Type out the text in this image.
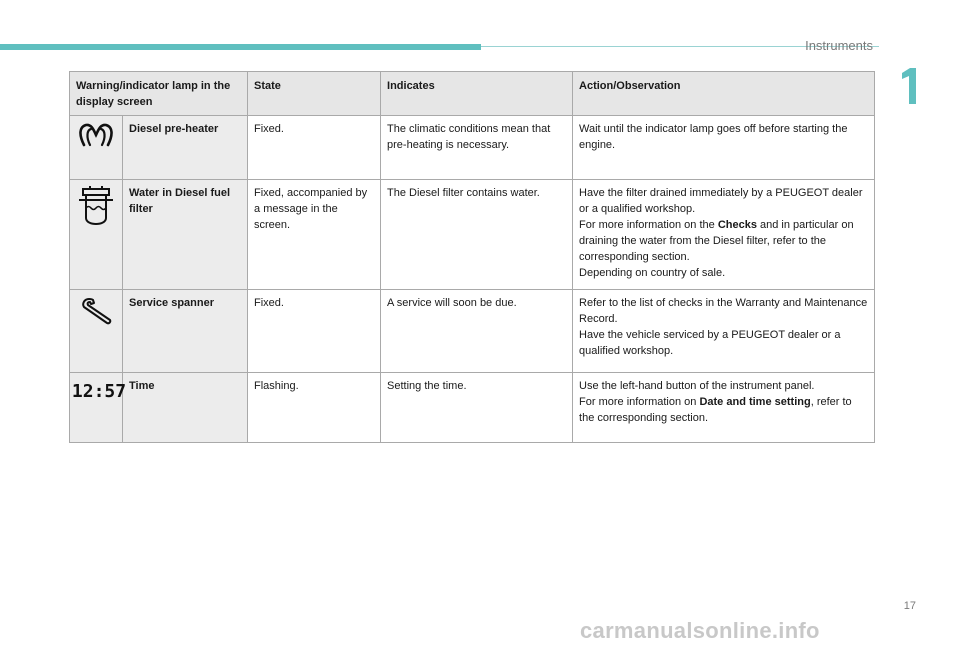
Instruments
Warning/indicator lamp in the display screen		State	Indicates	Action/Observation

	Diesel pre-heater	Fixed.	The climatic conditions mean that pre-heating is necessary.	Wait until the indicator lamp goes off before starting the engine.

	Water in Diesel fuel filter	Fixed, accompanied by a message in the screen.	The Diesel filter contains water.	Have the filter drained immediately by a PEUGEOT dealer or a qualified workshop.
For more information on the Checks and in particular on draining the water from the Diesel filter, refer to the corresponding section.
Depending on country of sale.

	Service spanner	Fixed.	A service will soon be due.	Refer to the list of checks in the Warranty and Maintenance Record.
Have the vehicle serviced by a PEUGEOT dealer or a qualified workshop.

12:57	Time	Flashing.	Setting the time.	Use the left-hand button of the instrument panel.
For more information on Date and time setting, refer to the corresponding section.
17
carmanualsonline.info
